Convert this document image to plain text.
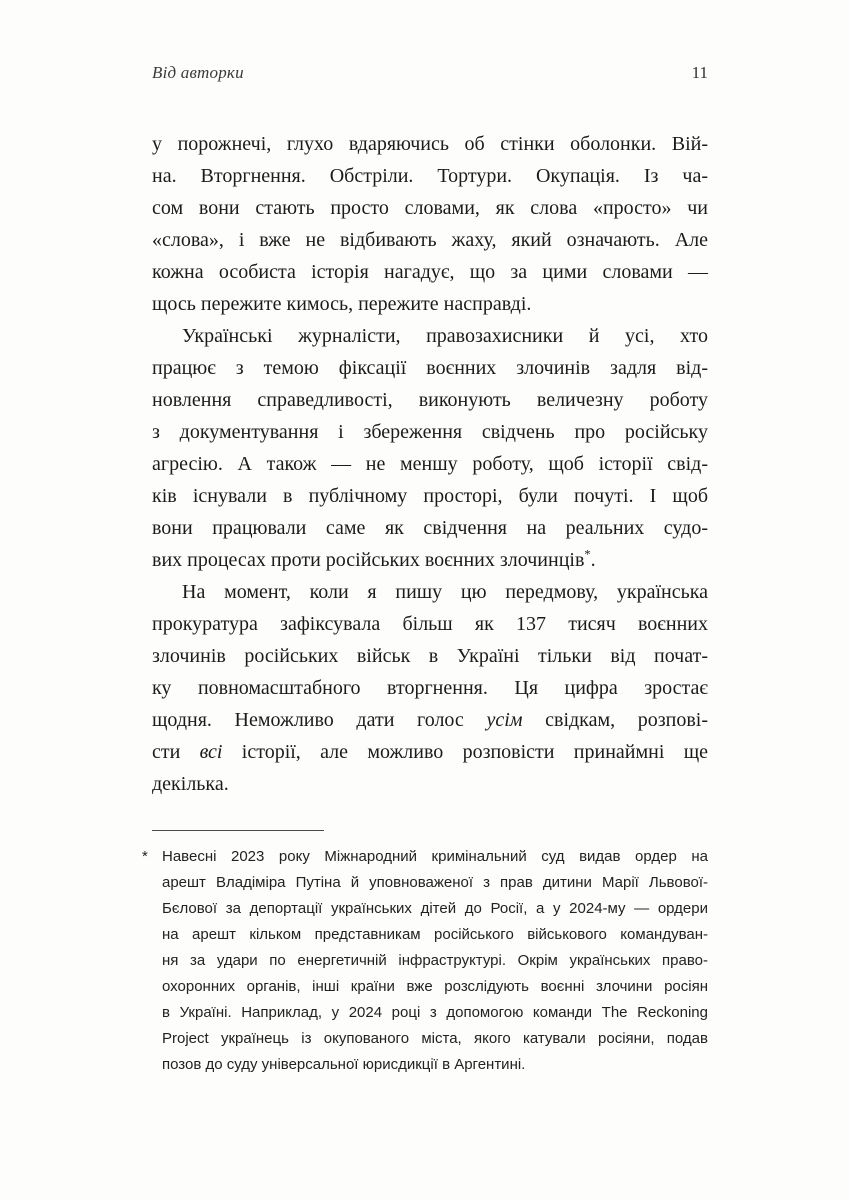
Від авторки	11

у порожнечі, глухо вдаряючись об стінки оболонки. Вій-
на. Вторгнення. Обстріли. Тортури. Окупація. Із ча-
сом вони стають просто словами, як слова «просто» чи
«слова», і вже не відбивають жаху, який означають. Але
кожна особиста історія нагадує, що за цими словами —
щось пережите кимось, пережите насправді.

Українські журналісти, правозахисники й усі, хто
працює з темою фіксації воєнних злочинів задля від-
новлення справедливості, виконують величезну роботу
з документування і збереження свідчень про російську
агресію. А також — не меншу роботу, щоб історії свід-
ків існували в публічному просторі, були почуті. І щоб
вони працювали саме як свідчення на реальних судо-
вих процесах проти російських воєнних злочинців*.

На момент, коли я пишу цю передмову, українська
прокуратура зафіксувала більш як 137 тисяч воєнних
злочинів російських військ в Україні тільки від почат-
ку повномасштабного вторгнення. Ця цифра зростає
щодня. Неможливо дати голос усім свідкам, розпові-
сти всі історії, але можливо розповісти принаймні ще
декілька.

* Навесні 2023 року Міжнародний кримінальний суд видав ордер на
арешт Владіміра Путіна й уповноваженої з прав дитини Марії Львової-
Бєлової за депортації українських дітей до Росії, а у 2024-му — ордери
на арешт кільком представникам російського військового командуван-
ня за удари по енергетичній інфраструктурі. Окрім українських право-
охоронних органів, інші країни вже розслідують воєнні злочини росіян
в Україні. Наприклад, у 2024 році з допомогою команди The Reckoning
Project українець із окупованого міста, якого катували росіяни, подав
позов до суду універсальної юрисдикції в Аргентині.
